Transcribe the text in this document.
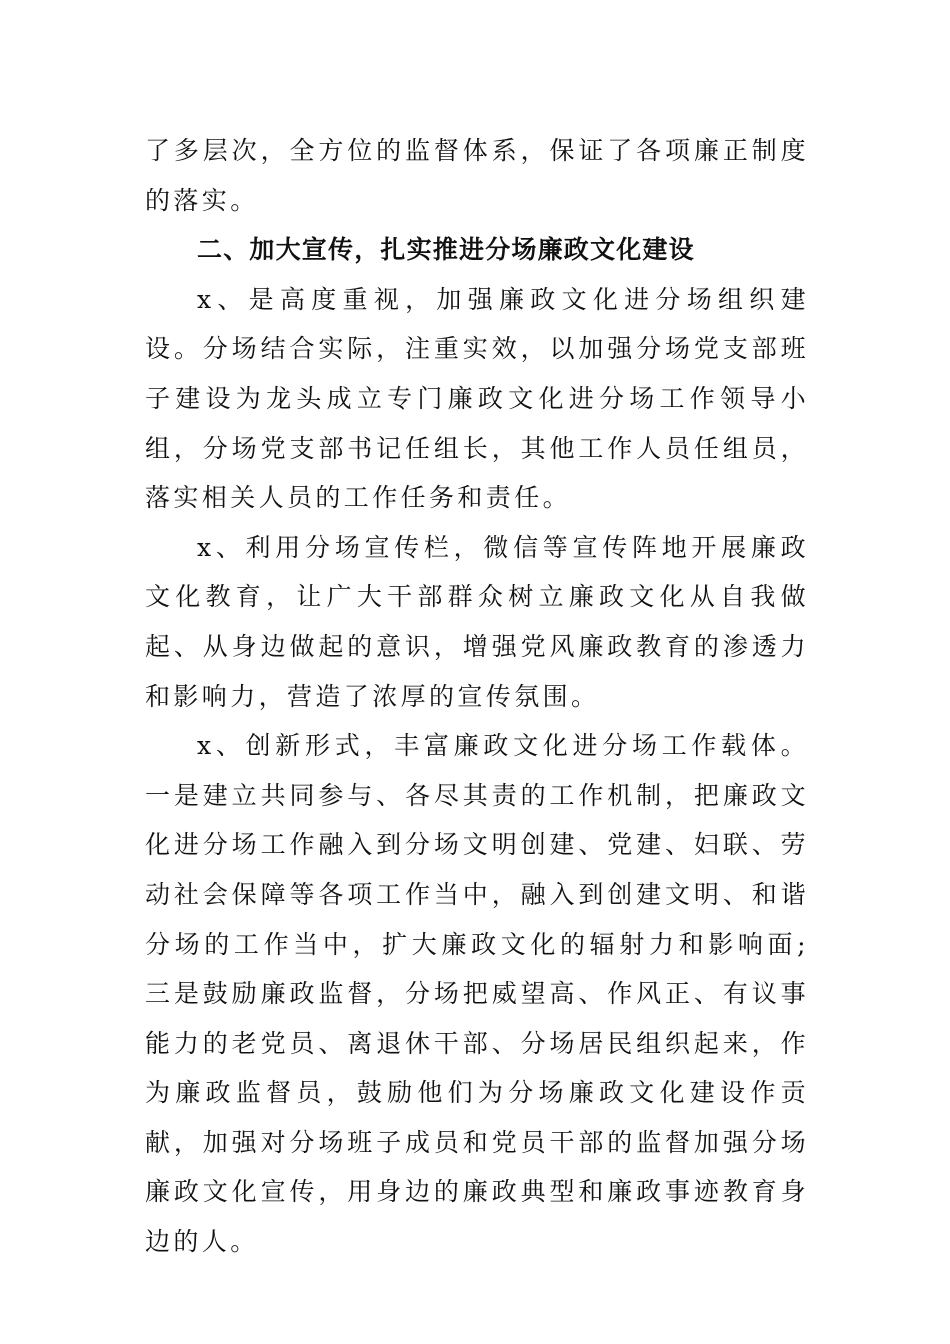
了多层次，全方位的监督体系，保证了各项廉正制度的落实。

二、加大宣传，扎实推进分场廉政文化建设

x、是高度重视，加强廉政文化进分场组织建设。分场结合实际，注重实效，以加强分场党支部班子建设为龙头成立专门廉政文化进分场工作领导小组，分场党支部书记任组长，其他工作人员任组员，落实相关人员的工作任务和责任。

x、利用分场宣传栏，微信等宣传阵地开展廉政文化教育，让广大干部群众树立廉政文化从自我做起、从身边做起的意识，增强党风廉政教育的渗透力和影响力，营造了浓厚的宣传氛围。

x、创新形式，丰富廉政文化进分场工作载体。一是建立共同参与、各尽其责的工作机制，把廉政文化进分场工作融入到分场文明创建、党建、妇联、劳动社会保障等各项工作当中，融入到创建文明、和谐分场的工作当中，扩大廉政文化的辐射力和影响面;三是鼓励廉政监督，分场把威望高、作风正、有议事能力的老党员、离退休干部、分场居民组织起来，作为廉政监督员，鼓励他们为分场廉政文化建设作贡献，加强对分场班子成员和党员干部的监督加强分场廉政文化宣传，用身边的廉政典型和廉政事迹教育身边的人。
